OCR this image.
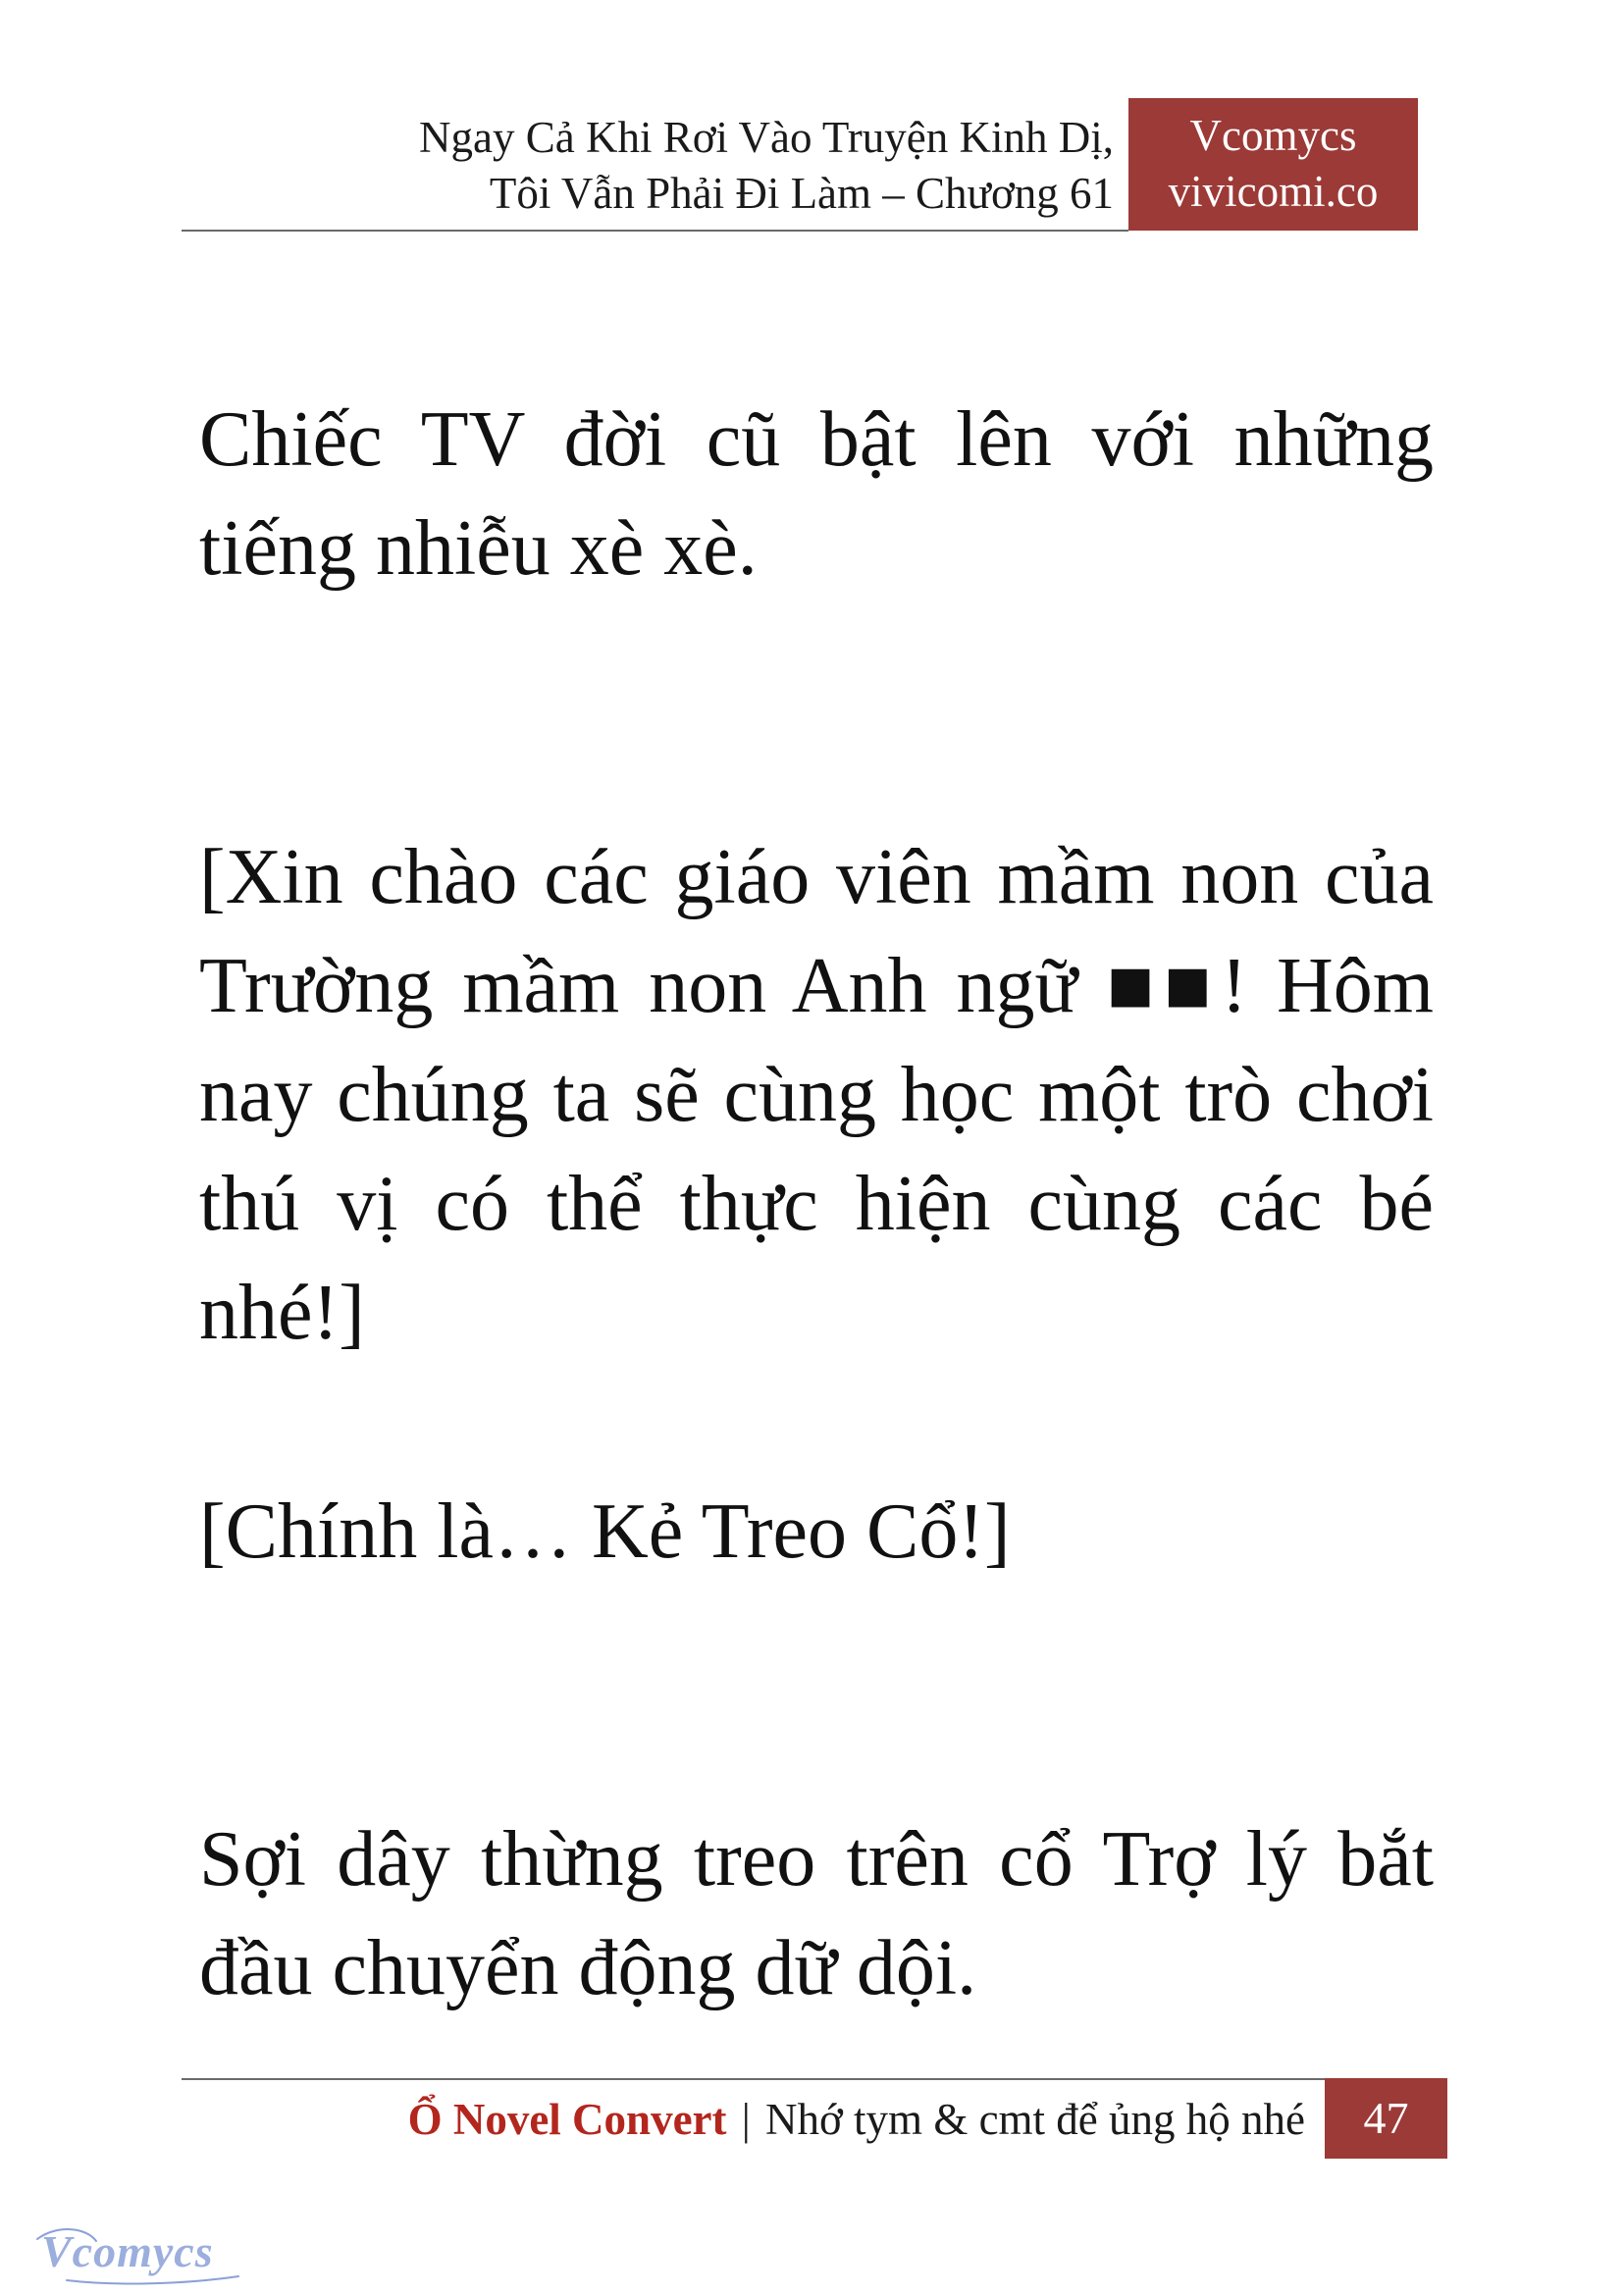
Ngay Cả Khi Rơi Vào Truyện Kinh Dị,
Tôi Vẫn Phải Đi Làm – Chương 61
Vcomycs
vivicomi.co

Chiếc TV đời cũ bật lên với những tiếng nhiễu xè xè.

[Xin chào các giáo viên mầm non của Trường mầm non Anh ngữ ■■! Hôm nay chúng ta sẽ cùng học một trò chơi thú vị có thể thực hiện cùng các bé nhé!]

[Chính là… Kẻ Treo Cổ!]

Sợi dây thừng treo trên cổ Trợ lý bắt đầu chuyển động dữ dội.

Ổ Novel Convert | Nhớ tym & cmt để ủng hộ nhé	47
Vcomycs
